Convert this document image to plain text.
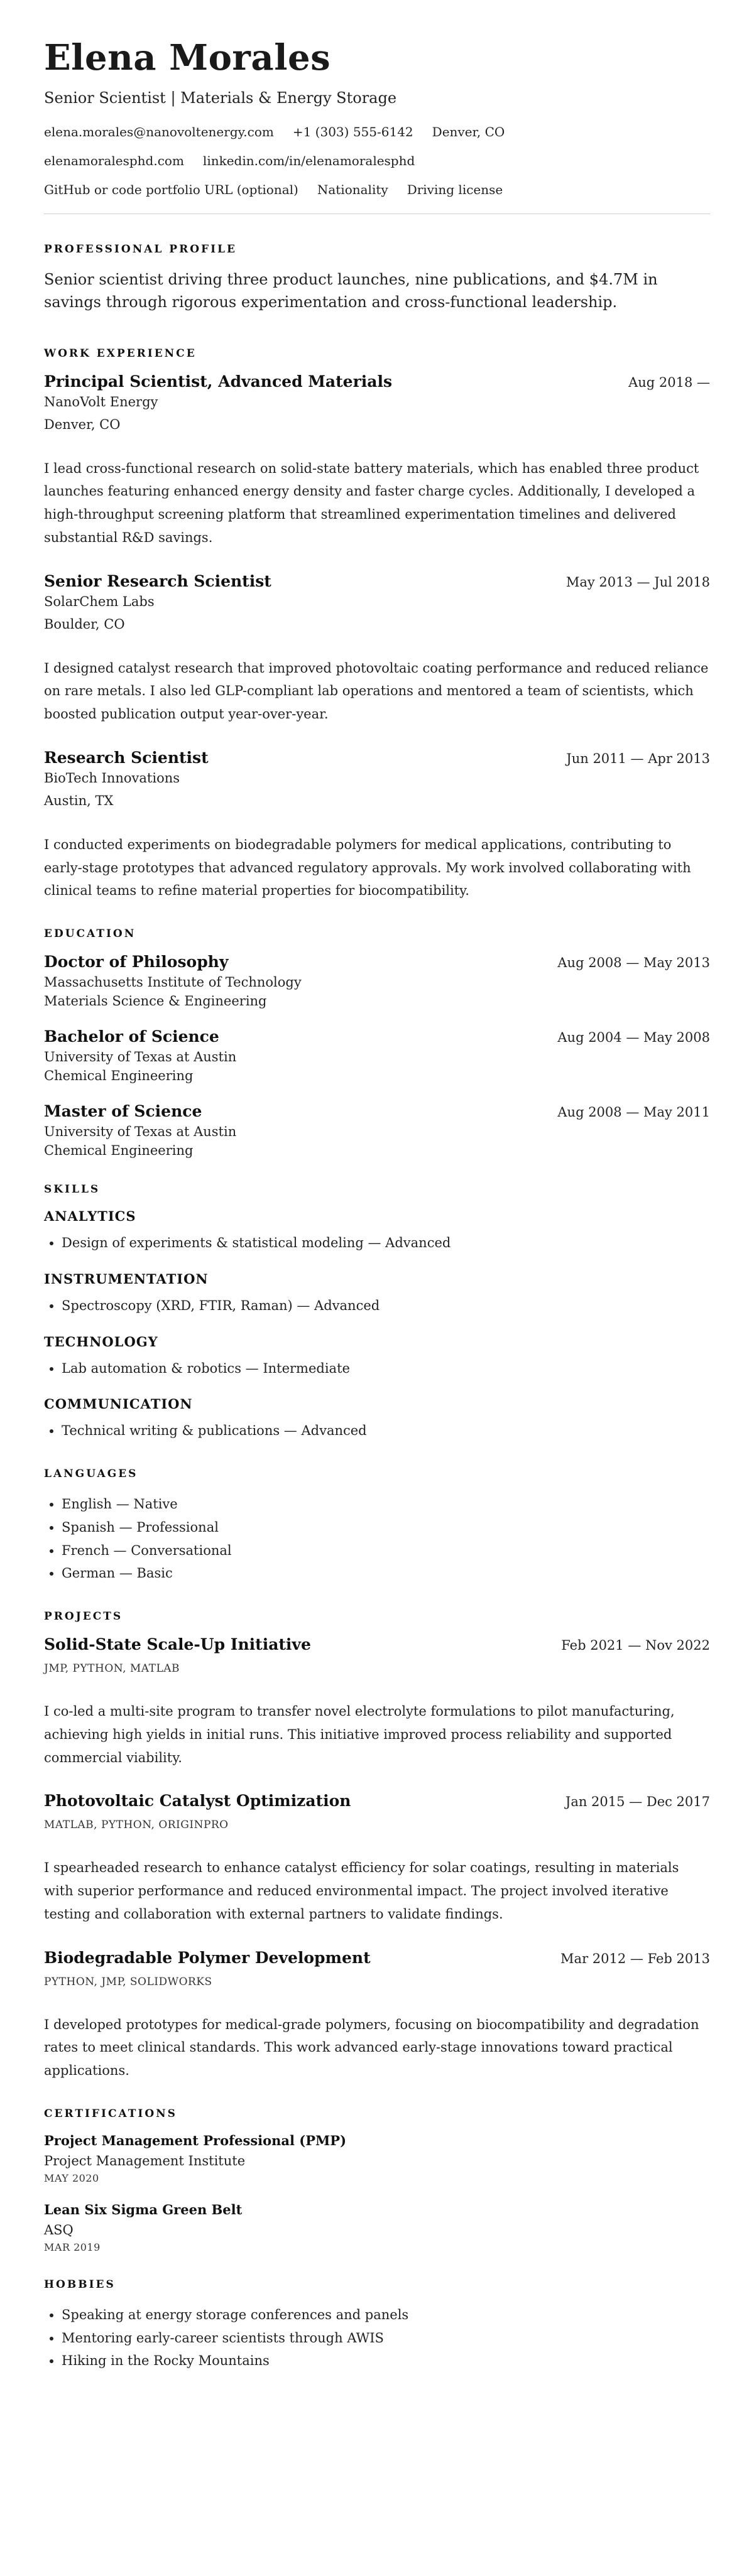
Elena Morales
Senior Scientist | Materials & Energy Storage
elena.morales@nanovoltenergy.com +1 (303) 555-6142 Denver, CO
elenamoralesphd.com linkedin.com/in/elenamoralesphd
GitHub or code portfolio URL (optional) Nationality Driving license
PROFESSIONAL PROFILE

Senior scientist driving three product launches, nine publications, and $4.7M in savings through rigorous experimentation and cross-functional leadership.

WORK EXPERIENCE
Principal Scientist, Advanced Materials	Aug 2018 —
NanoVolt Energy
Denver, CO
I lead cross-functional research on solid-state battery materials, which has enabled three product launches featuring enhanced energy density and faster charge cycles. Additionally, I developed a high-throughput screening platform that streamlined experimentation timelines and delivered substantial R&D savings.
Senior Research Scientist	May 2013 — Jul 2018
SolarChem Labs
Boulder, CO
I designed catalyst research that improved photovoltaic coating performance and reduced reliance on rare metals. I also led GLP-compliant lab operations and mentored a team of scientists, which boosted publication output year-over-year.
Research Scientist	Jun 2011 — Apr 2013
BioTech Innovations
Austin, TX
I conducted experiments on biodegradable polymers for medical applications, contributing to early-stage prototypes that advanced regulatory approvals. My work involved collaborating with clinical teams to refine material properties for biocompatibility.
EDUCATION
Doctor of Philosophy	Aug 2008 — May 2013
Massachusetts Institute of Technology
Materials Science & Engineering
Bachelor of Science	Aug 2004 — May 2008
University of Texas at Austin
Chemical Engineering
Master of Science	Aug 2008 — May 2011
University of Texas at Austin
Chemical Engineering
SKILLS
ANALYTICS
• Design of experiments & statistical modeling — Advanced
INSTRUMENTATION
• Spectroscopy (XRD, FTIR, Raman) — Advanced
TECHNOLOGY
• Lab automation & robotics — Intermediate
COMMUNICATION
• Technical writing & publications — Advanced
LANGUAGES
• English — Native
• Spanish — Professional
• French — Conversational
• German — Basic
PROJECTS
Solid-State Scale-Up Initiative	Feb 2021 — Nov 2022
JMP, PYTHON, MATLAB
I co-led a multi-site program to transfer novel electrolyte formulations to pilot manufacturing, achieving high yields in initial runs. This initiative improved process reliability and supported commercial viability.
Photovoltaic Catalyst Optimization	Jan 2015 — Dec 2017
MATLAB, PYTHON, ORIGINPRO
I spearheaded research to enhance catalyst efficiency for solar coatings, resulting in materials with superior performance and reduced environmental impact. The project involved iterative testing and collaboration with external partners to validate findings.
Biodegradable Polymer Development	Mar 2012 — Feb 2013
PYTHON, JMP, SOLIDWORKS
I developed prototypes for medical-grade polymers, focusing on biocompatibility and degradation rates to meet clinical standards. This work advanced early-stage innovations toward practical applications.
CERTIFICATIONS
Project Management Professional (PMP)
Project Management Institute
MAY 2020
Lean Six Sigma Green Belt
ASQ
MAR 2019
HOBBIES
• Speaking at energy storage conferences and panels
• Mentoring early-career scientists through AWIS
• Hiking in the Rocky Mountains
